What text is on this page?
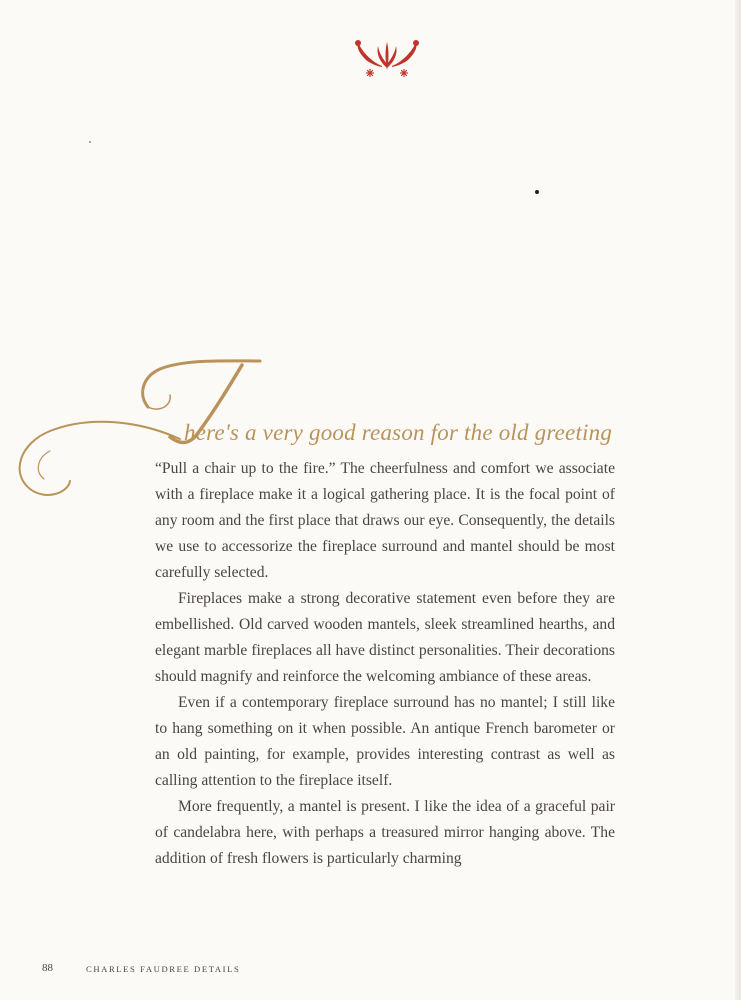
here's a very good reason for the old greeting

“Pull a chair up to the fire.” The cheerfulness and comfort we associate with a fireplace make it a logical gathering place. It is the focal point of any room and the first place that draws our eye. Consequently, the details we use to accessorize the fireplace surround and mantel should be most carefully selected.

Fireplaces make a strong decorative statement even before they are embellished. Old carved wooden mantels, sleek streamlined hearths, and elegant marble fireplaces all have distinct personalities. Their decorations should magnify and reinforce the welcoming ambiance of these areas.

Even if a contemporary fireplace surround has no mantel; I still like to hang something on it when possible. An antique French barometer or an old painting, for example, provides interesting contrast as well as calling attention to the fireplace itself.

More frequently, a mantel is present. I like the idea of a graceful pair of candelabra here, with perhaps a treasured mirror hanging above. The addition of fresh flowers is particularly charming

88	CHARLES FAUDREE DETAILS
